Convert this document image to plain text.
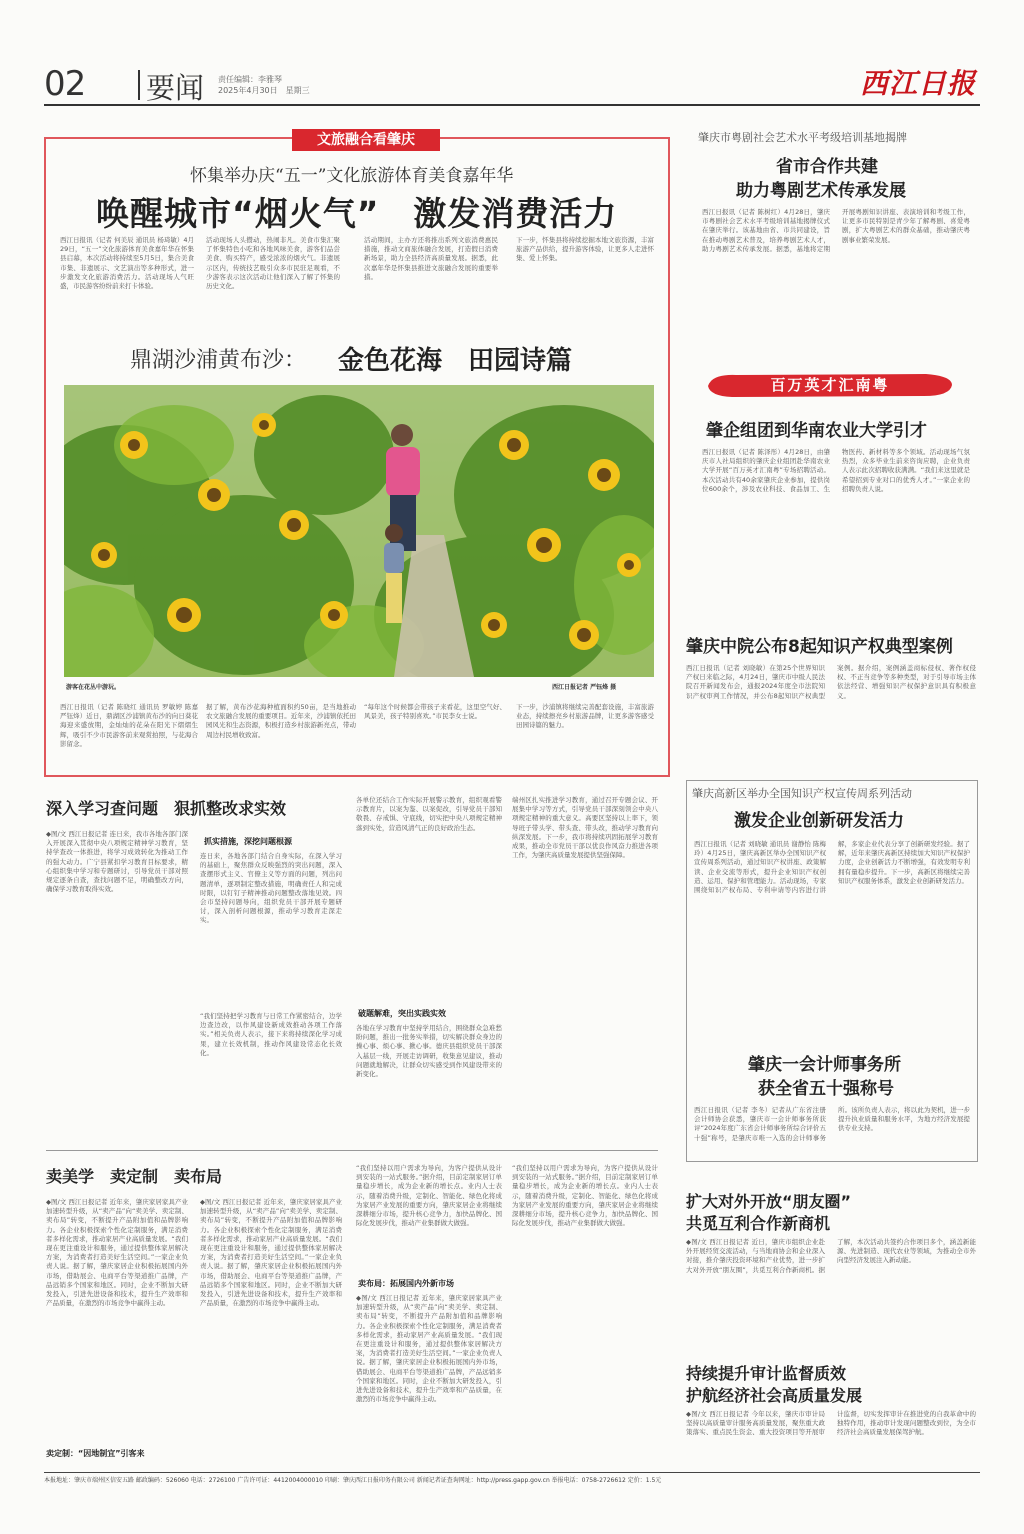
02 要闻 责任编辑：李雅琴
2025年4月30日　星期三	西江日报
文旅融合看肇庆
怀集举办庆“五一”文化旅游体育美食嘉年华
唤醒城市“烟火气”　激发消费活力
西江日报讯（记者 何美辰 通讯员 杨琦敏）4月29日，“五一”文化旅游体育美食嘉年华在怀集县启幕，本次活动将持续至5月5日，集合美食市集、非遗展示、文艺演出等多种形式，进一步激发文化旅游消费活力。活动现场人气旺盛，市民游客纷纷前来打卡体验。
活动现场人头攒动，热闹非凡。美食市集汇聚了怀集特色小吃和各地风味美食，游客们品尝美食、购买特产，感受浓浓的烟火气。非遗展示区内，传统技艺吸引众多市民驻足观看，不少游客表示这次活动让他们深入了解了怀集的历史文化。
活动期间，主办方还将推出系列文旅消费惠民措施，推动文商旅体融合发展，打造假日消费新场景，助力全县经济高质量发展。据悉，此次嘉年华是怀集县推进文旅融合发展的重要举措。
下一步，怀集县将持续挖掘本地文旅资源，丰富旅游产品供给，提升游客体验，让更多人走进怀集、爱上怀集。
鼎湖沙浦黄布沙： 金色花海　田园诗篇
游客在花丛中游玩。	西江日报记者 严钰烽 摄
西江日报讯（记者 陈晓红 通讯员 罗敏婷 陈嘉 严钰烽）近日，鼎湖区沙浦镇黄布沙的向日葵花海迎来盛放期，金灿灿的花朵在阳光下熠熠生辉，吸引不少市民游客前来观赏拍照，与花海合影留念。
据了解，黄布沙花海种植面积约50亩，是当地推动农文旅融合发展的重要项目。近年来，沙浦镇依托田园风光和生态资源，积极打造乡村旅游新亮点，带动周边村民增收致富。
“每年这个时候都会带孩子来看花，这里空气好、风景美，孩子特别喜欢。”市民李女士说。
下一步，沙浦镇将继续完善配套设施，丰富旅游业态，持续擦亮乡村旅游品牌，让更多游客感受田园诗篇的魅力。
肇庆市粤剧社会艺术水平考级培训基地揭牌
省市合作共建
助力粤剧艺术传承发展
西江日报讯（记者 陈树红）4月28日，肇庆市粤剧社会艺术水平考级培训基地揭牌仪式在肇庆举行。该基地由省、市共同建设，旨在推动粤剧艺术普及，培养粤剧艺术人才，助力粤剧艺术传承发展。据悉，基地将定期开展粤剧知识讲座、表演培训和考级工作，让更多市民特别是青少年了解粤剧、喜爱粤剧，扩大粤剧艺术的群众基础，推动肇庆粤剧事业繁荣发展。
百万英才汇南粤
肇企组团到华南农业大学引才
西江日报讯（记者 陈泽彤）4月28日，由肇庆市人社局组织的肇庆企业组团赴华南农业大学开展“百万英才汇南粤”专场招聘活动。本次活动共有40余家肇庆企业参加，提供岗位600余个，涉及农业科技、食品加工、生物医药、新材料等多个领域。活动现场气氛热烈，众多毕业生前来咨询应聘，企业负责人表示此次招聘收获满满。“我们来这里就是希望招到专业对口的优秀人才。”一家企业的招聘负责人说。
肇庆中院公布8起知识产权典型案例
西江日报讯（记者 刘晓敏）在第25个世界知识产权日来临之际，4月24日，肇庆市中级人民法院召开新闻发布会，通报2024年度全市法院知识产权审判工作情况，并公布8起知识产权典型案例。据介绍，案例涵盖商标侵权、著作权侵权、不正当竞争等多种类型，对于引导市场主体依法经营、增强知识产权保护意识具有积极意义。
肇庆高新区举办全国知识产权宣传周系列活动
激发企业创新研发活力
西江日报讯（记者 刘晓敏 通讯员 谢静怡 陈梅玲）4月25日，肇庆高新区举办全国知识产权宣传周系列活动，通过知识产权讲座、政策解读、企业交流等形式，提升企业知识产权创造、运用、保护和管理能力。活动现场，专家围绕知识产权布局、专利申请等内容进行讲解，多家企业代表分享了创新研发经验。据了解，近年来肇庆高新区持续加大知识产权保护力度，企业创新活力不断增强，有效发明专利拥有量稳步提升。下一步，高新区将继续完善知识产权服务体系，激发企业创新研发活力。
肇庆一会计师事务所
获全省五十强称号
西江日报讯（记者 李冬）记者从广东省注册会计师协会获悉，肇庆市一会计师事务所获评“2024年度广东省会计师事务所综合评价五十强”称号，是肇庆市唯一入选的会计师事务所。该所负责人表示，将以此为契机，进一步提升执业质量和服务水平，为地方经济发展提供专业支持。
扩大对外开放“朋友圈”
共觅互利合作新商机
◆图/文 西江日报记者 近日，肇庆市组织企业赴外开展经贸交流活动，与当地商协会和企业深入对接，推介肇庆投资环境和产业优势，进一步扩大对外开放“朋友圈”，共觅互利合作新商机。据了解，本次活动共签约合作项目多个，涵盖新能源、先进制造、现代农业等领域，为推动全市外向型经济发展注入新动能。
持续提升审计监督质效
护航经济社会高质量发展
◆图/文 西江日报记者 今年以来，肇庆市审计局坚持以高质量审计服务高质量发展，聚焦重大政策落实、重点民生资金、重大投资项目等开展审计监督，切实发挥审计在推进党的自我革命中的独特作用，推动审计发现问题整改到位，为全市经济社会高质量发展保驾护航。
深入学习查问题　狠抓整改求实效
◆图/文 西江日报记者 连日来，我市各地各部门深入开展深入贯彻中央八项规定精神学习教育，坚持学查改一体推进，将学习成效转化为推动工作的强大动力。广宁县紧扣学习教育目标要求，精心组织集中学习和专题研讨，引导党员干部对照规定逐条自查，查找问题不足，明确整改方向，确保学习教育取得实效。
抓实措施，深挖问题根源
连日来，各地各部门结合自身实际，在深入学习的基础上，聚焦群众反映强烈的突出问题，深入查摆形式主义、官僚主义等方面的问题，列出问题清单，逐项制定整改措施，明确责任人和完成时限，以钉钉子精神推动问题整改落地见效。四会市坚持问题导向，组织党员干部开展专题研讨，深入剖析问题根源，推动学习教育走深走实。
“我们坚持把学习教育与日常工作紧密结合，边学边查边改，以作风建设新成效推动各项工作落实。”相关负责人表示，接下来将持续深化学习成果，建立长效机制，推动作风建设常态化长效化。
各单位还结合工作实际开展警示教育，组织观看警示教育片，以案为鉴、以案促改，引导党员干部知敬畏、存戒惧、守底线，切实把中央八项规定精神落到实处，营造风清气正的良好政治生态。
破题解难，突出实践实效
各地在学习教育中坚持学用结合，围绕群众急难愁盼问题，推出一批务实举措，切实解决群众身边的操心事、烦心事、揪心事。德庆县组织党员干部深入基层一线，开展走访调研，收集意见建议，推动问题就地解决，让群众切实感受到作风建设带来的新变化。
端州区扎实推进学习教育，通过召开专题会议、开展集中学习等方式，引导党员干部深刻领会中央八项规定精神的重大意义。高要区坚持以上率下，领导班子带头学、带头查、带头改，推动学习教育向纵深发展。下一步，我市将持续巩固拓展学习教育成果，推动全市党员干部以优良作风奋力推进各项工作，为肇庆高质量发展提供坚强保障。
卖美学　卖定制　卖布局
◆图/文 西江日报记者 近年来，肇庆家居家具产业加速转型升级，从“卖产品”向“卖美学、卖定制、卖布局”转变，不断提升产品附加值和品牌影响力。各企业积极探索个性化定制服务，满足消费者多样化需求，推动家居产业高质量发展。“我们现在更注重设计和服务，通过提供整体家居解决方案，为消费者打造美好生活空间。”一家企业负责人说。据了解，肇庆家居企业积极拓展国内外市场，借助展会、电商平台等渠道推广品牌，产品远销多个国家和地区。同时，企业不断加大研发投入，引进先进设备和技术，提升生产效率和产品质量，在激烈的市场竞争中赢得主动。
卖定制：“因地制宜”引客来
◆图/文 西江日报记者 近年来，肇庆家居家具产业加速转型升级，从“卖产品”向“卖美学、卖定制、卖布局”转变，不断提升产品附加值和品牌影响力。各企业积极探索个性化定制服务，满足消费者多样化需求，推动家居产业高质量发展。“我们现在更注重设计和服务，通过提供整体家居解决方案，为消费者打造美好生活空间。”一家企业负责人说。据了解，肇庆家居企业积极拓展国内外市场，借助展会、电商平台等渠道推广品牌，产品远销多个国家和地区。同时，企业不断加大研发投入，引进先进设备和技术，提升生产效率和产品质量，在激烈的市场竞争中赢得主动。
“我们坚持以用户需求为导向，为客户提供从设计到安装的一站式服务。”据介绍，目前定制家居订单量稳步增长，成为企业新的增长点。业内人士表示，随着消费升级，定制化、智能化、绿色化将成为家居产业发展的重要方向，肇庆家居企业将继续深耕细分市场，提升核心竞争力，加快品牌化、国际化发展步伐，推动产业集群做大做强。
卖布局：拓展国内外新市场
◆图/文 西江日报记者 近年来，肇庆家居家具产业加速转型升级，从“卖产品”向“卖美学、卖定制、卖布局”转变，不断提升产品附加值和品牌影响力。各企业积极探索个性化定制服务，满足消费者多样化需求，推动家居产业高质量发展。“我们现在更注重设计和服务，通过提供整体家居解决方案，为消费者打造美好生活空间。”一家企业负责人说。据了解，肇庆家居企业积极拓展国内外市场，借助展会、电商平台等渠道推广品牌，产品远销多个国家和地区。同时，企业不断加大研发投入，引进先进设备和技术，提升生产效率和产品质量，在激烈的市场竞争中赢得主动。
“我们坚持以用户需求为导向，为客户提供从设计到安装的一站式服务。”据介绍，目前定制家居订单量稳步增长，成为企业新的增长点。业内人士表示，随着消费升级，定制化、智能化、绿色化将成为家居产业发展的重要方向，肇庆家居企业将继续深耕细分市场，提升核心竞争力，加快品牌化、国际化发展步伐，推动产业集群做大做强。
本报地址：肇庆市端州区信安五路 邮政编码：526060 电话：2726100 广告许可证：4412004000010 印刷：肇庆西江日报印务有限公司 新闻记者证查询网址：http://press.gapp.gov.cn 举报电话：0758-2726612 定价：1.5元
